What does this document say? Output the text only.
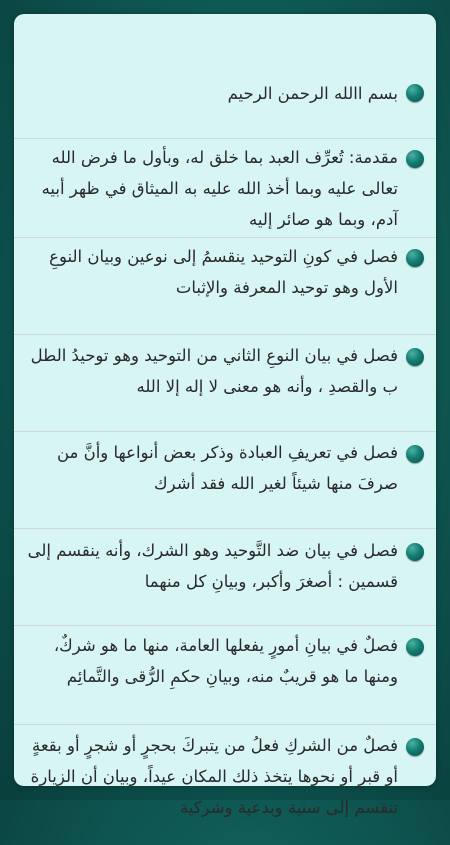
بسم االله الرحمن الرحيم
مقدمة: تُعرِّف العبد بما خلق له، وبأول ما فرض الله تعالى عليه وبما أخذ الله عليه به الميثاق في ظهر أبيه آدم، وبما هو صائر إليه
فصل في كونِ التوحيد ينقسمُ إلى نوعين وبيان النوعِ الأول وهو توحيد المعرفة والإثبات
فصل في بيان النوعِ الثاني من التوحيد وهو توحيدُ الطل ب والقصدِ ، وأنه هو معنى لا إله إلا الله
فصل في تعريفِ العبادة وذكر بعض أنواعها وأنَّ من صرفَ منها شيئاً لغير الله فقد أشرك
فصل في بيان ضد التَّوحيد وهو الشرك، وأنه ينقسم إلى قسمين : أصغرَ وأكبر، وبيانِ كل منهما
فصلٌ في بيانِ أمورٍ يفعلها العامة، منها ما هو شركٌ، ومنها ما هو قريبٌ منه، وبيانِ حكمِ الرُّقى والتَّمائِم
فصلٌ من الشركِ فعلُ من يتبركَ بحجرٍ أو شجرٍ أو بقعةٍ أو قبرٍ أو نحوها يتخذ ذلك المكان عيداً، وبيان أن الزيارة تنقسم إلى سنية وبدعية وشركية
